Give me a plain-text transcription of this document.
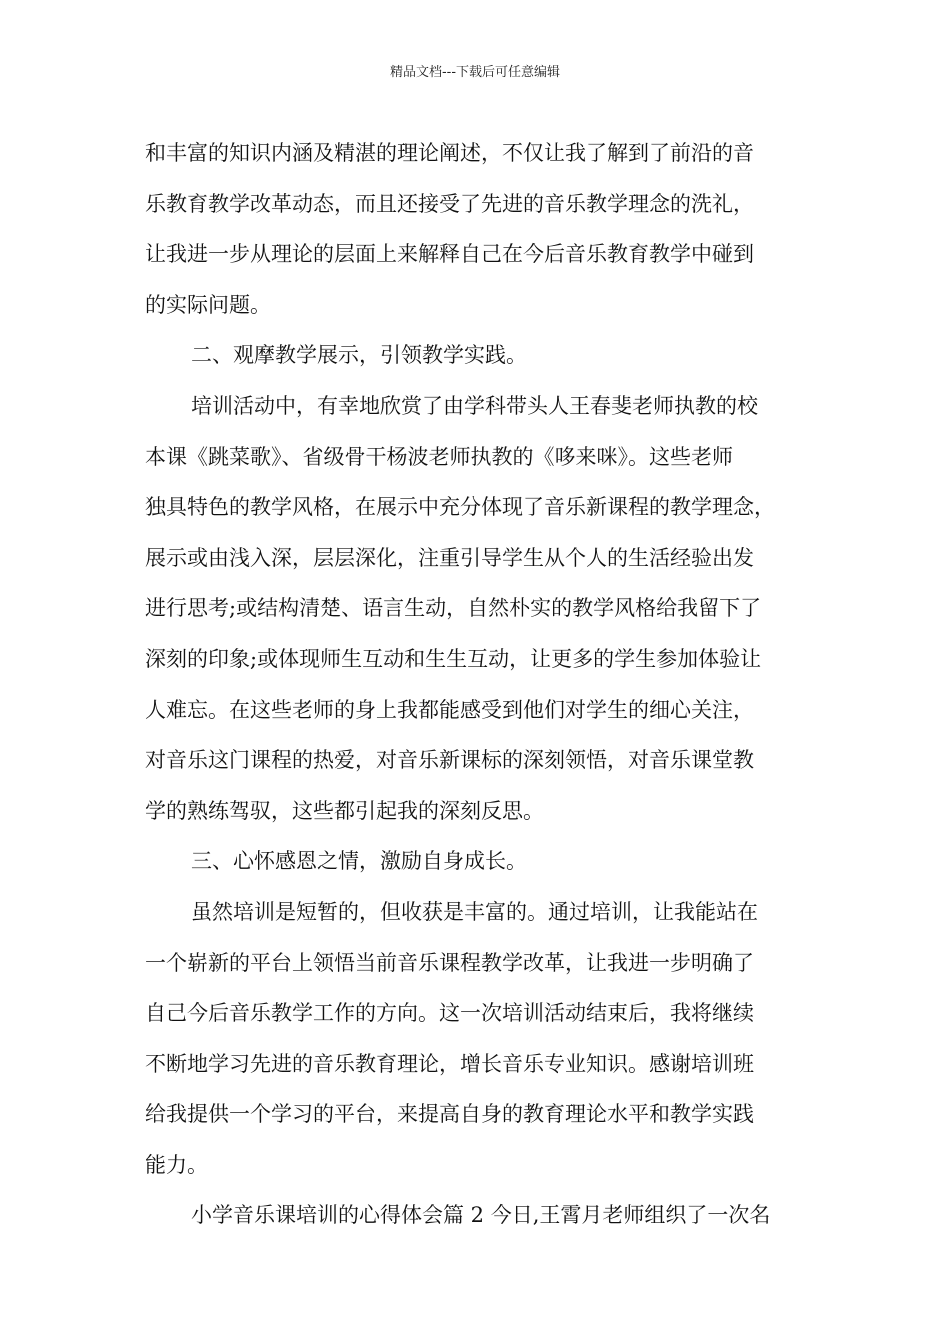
精品文档---下载后可任意编辑
和丰富的知识内涵及精湛的理论阐述，不仅让我了解到了前沿的音
乐教育教学改革动态，而且还接受了先进的音乐教学理念的洗礼，
让我进一步从理论的层面上来解释自己在今后音乐教育教学中碰到
的实际问题。
二、观摩教学展示，引领教学实践。
培训活动中，有幸地欣赏了由学科带头人王春斐老师执教的校
本课《跳菜歌》、省级骨干杨波老师执教的《哆来咪》。这些老师
独具特色的教学风格，在展示中充分体现了音乐新课程的教学理念，
展示或由浅入深，层层深化，注重引导学生从个人的生活经验出发
进行思考;或结构清楚、语言生动，自然朴实的教学风格给我留下了
深刻的印象;或体现师生互动和生生互动，让更多的学生参加体验让
人难忘。在这些老师的身上我都能感受到他们对学生的细心关注，
对音乐这门课程的热爱，对音乐新课标的深刻领悟，对音乐课堂教
学的熟练驾驭，这些都引起我的深刻反思。
三、心怀感恩之情，激励自身成长。
虽然培训是短暂的，但收获是丰富的。通过培训，让我能站在
一个崭新的平台上领悟当前音乐课程教学改革，让我进一步明确了
自己今后音乐教学工作的方向。这一次培训活动结束后，我将继续
不断地学习先进的音乐教育理论，增长音乐专业知识。感谢培训班
给我提供一个学习的平台，来提高自身的教育理论水平和教学实践
能力。
小学音乐课培训的心得体会篇 2 今日,王霄月老师组织了一次名
